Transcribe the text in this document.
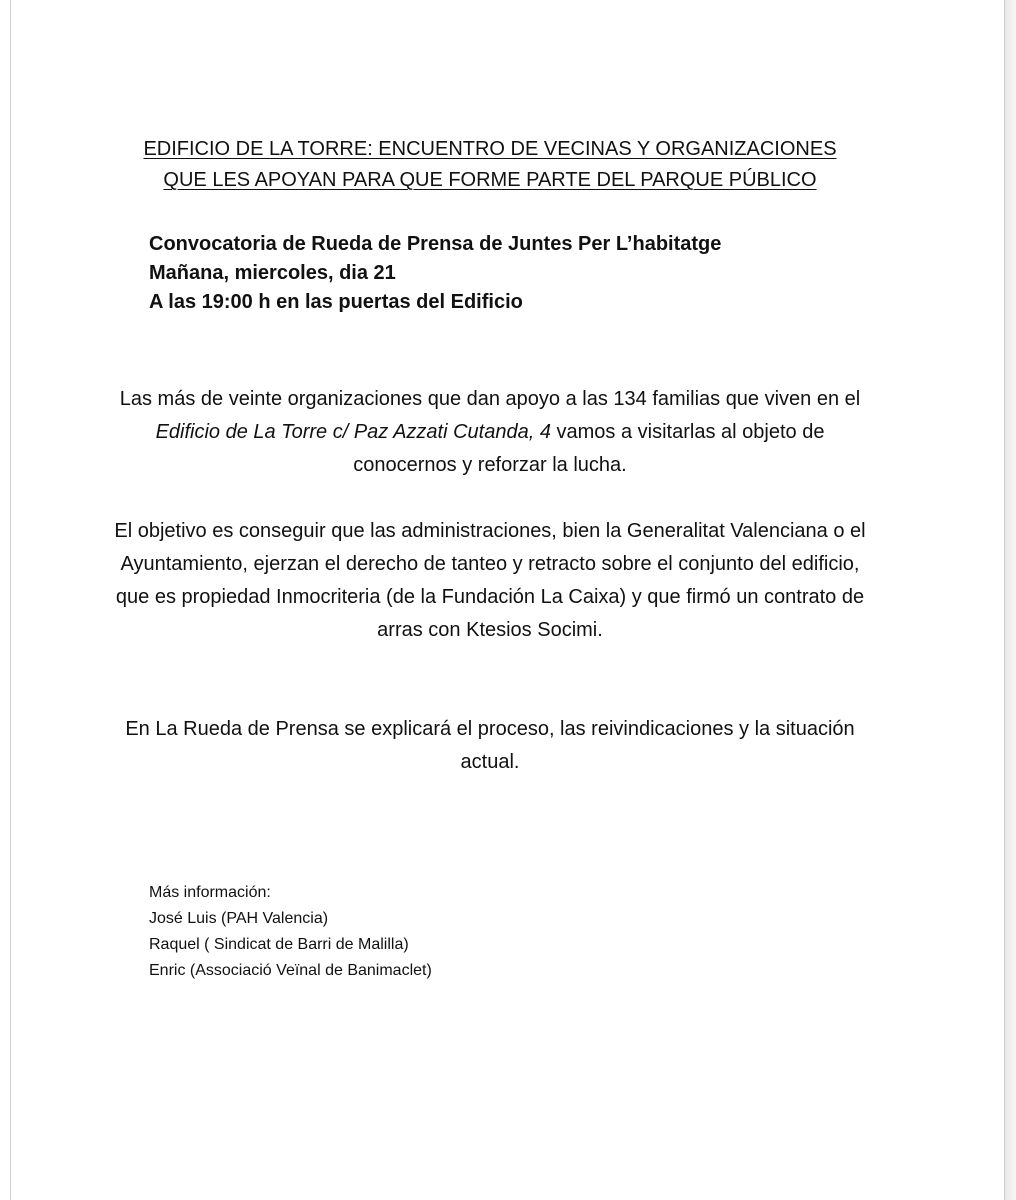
EDIFICIO DE LA TORRE: ENCUENTRO DE VECINAS Y ORGANIZACIONES
QUE LES APOYAN PARA QUE FORME PARTE DEL PARQUE PÚBLICO
Convocatoria de Rueda de Prensa de Juntes Per L’habitatge
Mañana, miercoles, dia 21
A las 19:00 h en las puertas del Edificio
Las más de veinte organizaciones que dan apoyo a las 134 familias que viven en el Edificio de La Torre c/ Paz Azzati Cutanda, 4 vamos a visitarlas al objeto de conocernos y reforzar la lucha.
El objetivo es conseguir que las administraciones, bien la Generalitat Valenciana o el Ayuntamiento, ejerzan el derecho de tanteo y retracto sobre el conjunto del edificio, que es propiedad Inmocriteria (de la Fundación La Caixa) y que firmó un contrato de arras con Ktesios Socimi.
En La Rueda de Prensa se explicará el proceso, las reivindicaciones y la situación actual.
Más información:
José Luis (PAH Valencia)
Raquel ( Sindicat de Barri de Malilla)
Enric (Associació Veïnal de Banimaclet)
